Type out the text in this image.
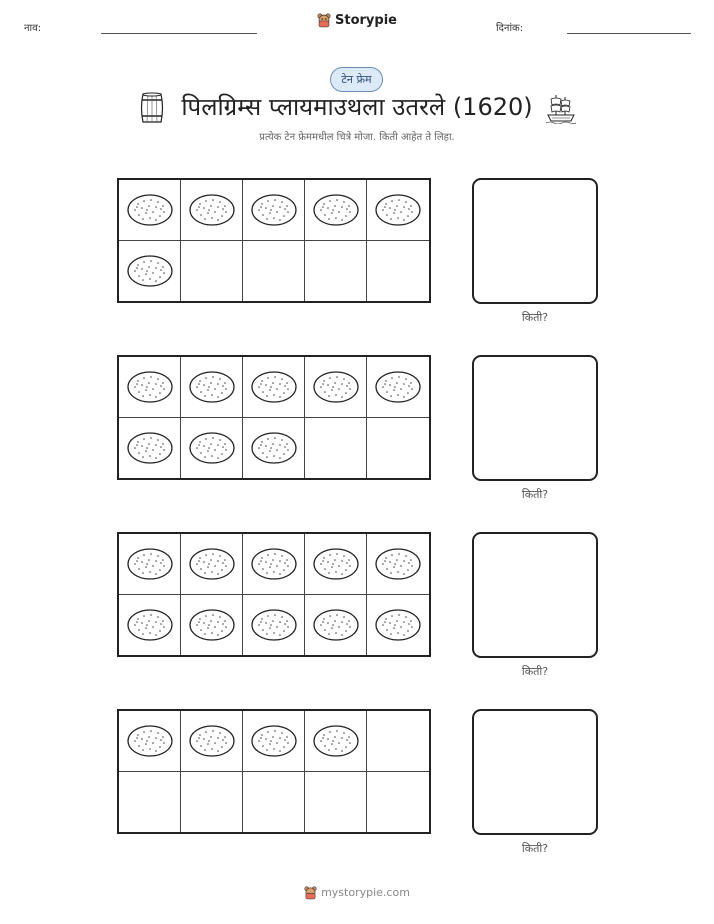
नाव:
Storypie
दिनांक:
टेन फ्रेम
पिलग्रिम्स प्लायमाउथला उतरले (1620)
प्रत्येक टेन फ्रेममधील चित्रे मोजा. किती आहेत ते लिहा.
किती?
किती?
किती?
किती?
mystorypie.com
